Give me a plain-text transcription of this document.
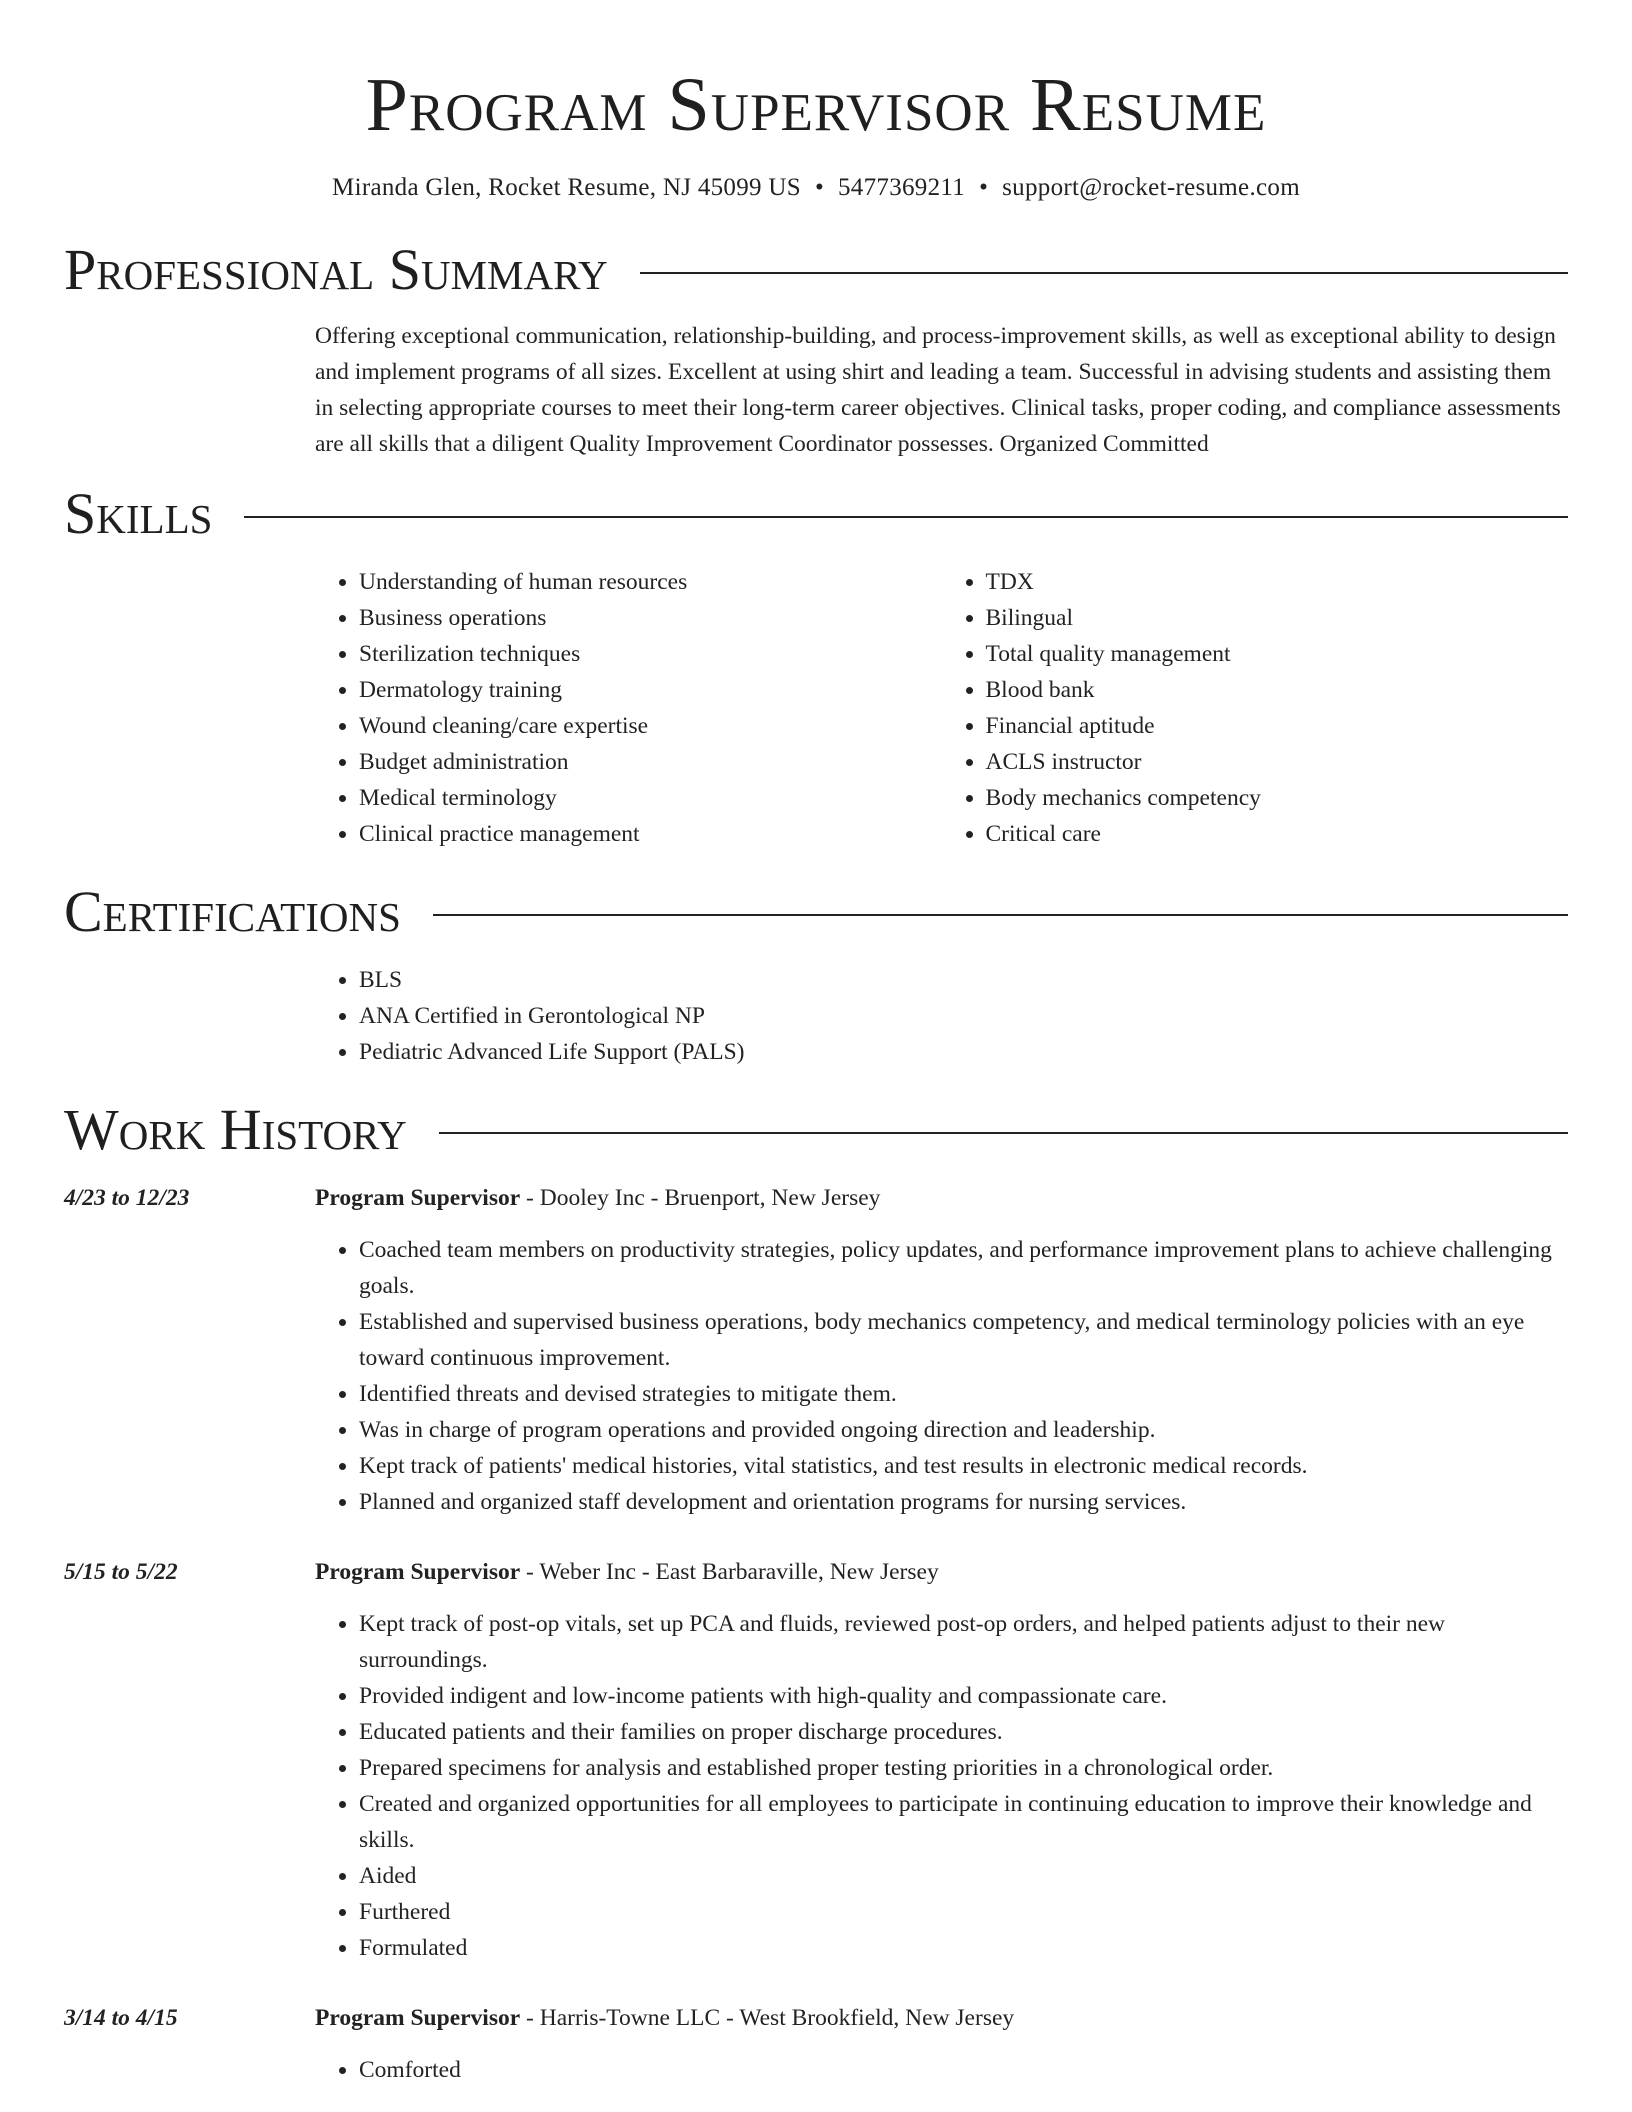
Program Supervisor Resume
Miranda Glen, Rocket Resume, NJ 45099 US • 5477369211 • support@rocket-resume.com
Professional Summary
Offering exceptional communication, relationship-building, and process-improvement skills, as well as exceptional ability to design and implement programs of all sizes. Excellent at using shirt and leading a team. Successful in advising students and assisting them in selecting appropriate courses to meet their long-term career objectives. Clinical tasks, proper coding, and compliance assessments are all skills that a diligent Quality Improvement Coordinator possesses. Organized Committed
Skills
• Understanding of human resources
• Business operations
• Sterilization techniques
• Dermatology training
• Wound cleaning/care expertise
• Budget administration
• Medical terminology
• Clinical practice management
• TDX
• Bilingual
• Total quality management
• Blood bank
• Financial aptitude
• ACLS instructor
• Body mechanics competency
• Critical care
Certifications
• BLS
• ANA Certified in Gerontological NP
• Pediatric Advanced Life Support (PALS)
Work History
4/23 to 12/23	Program Supervisor - Dooley Inc - Bruenport, New Jersey
• Coached team members on productivity strategies, policy updates, and performance improvement plans to achieve challenging goals.
• Established and supervised business operations, body mechanics competency, and medical terminology policies with an eye toward continuous improvement.
• Identified threats and devised strategies to mitigate them.
• Was in charge of program operations and provided ongoing direction and leadership.
• Kept track of patients' medical histories, vital statistics, and test results in electronic medical records.
• Planned and organized staff development and orientation programs for nursing services.
5/15 to 5/22	Program Supervisor - Weber Inc - East Barbaraville, New Jersey
• Kept track of post-op vitals, set up PCA and fluids, reviewed post-op orders, and helped patients adjust to their new surroundings.
• Provided indigent and low-income patients with high-quality and compassionate care.
• Educated patients and their families on proper discharge procedures.
• Prepared specimens for analysis and established proper testing priorities in a chronological order.
• Created and organized opportunities for all employees to participate in continuing education to improve their knowledge and skills.
• Aided
• Furthered
• Formulated
3/14 to 4/15	Program Supervisor - Harris-Towne LLC - West Brookfield, New Jersey
• Comforted
